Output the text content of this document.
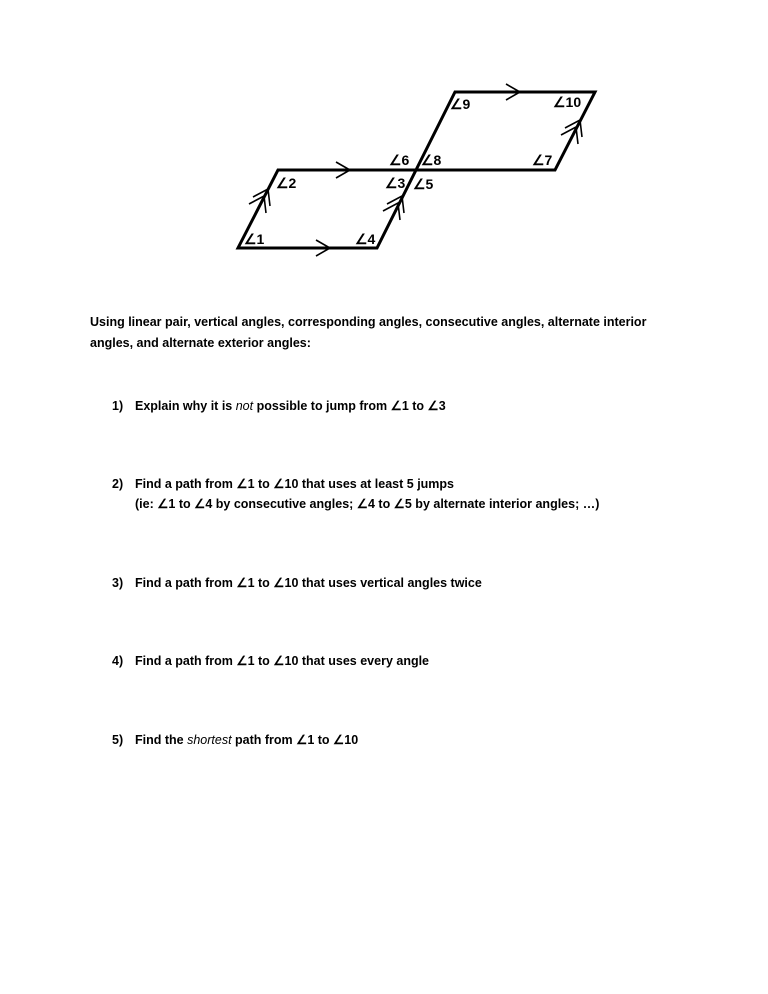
∠1
∠2	∠3
∠4
∠5
∠6	∠7
∠8
∠9	∠10
Using linear pair, vertical angles, corresponding angles, consecutive angles, alternate interior angles, and alternate exterior angles:
1) Explain why it is not possible to jump from ∠1 to ∠3
2) Find a path from ∠1 to ∠10 that uses at least 5 jumps
(ie: ∠1 to ∠4 by consecutive angles; ∠4 to ∠5 by alternate interior angles; …)
3) Find a path from ∠1 to ∠10 that uses vertical angles twice
4) Find a path from ∠1 to ∠10 that uses every angle
5) Find the shortest path from ∠1 to ∠10
